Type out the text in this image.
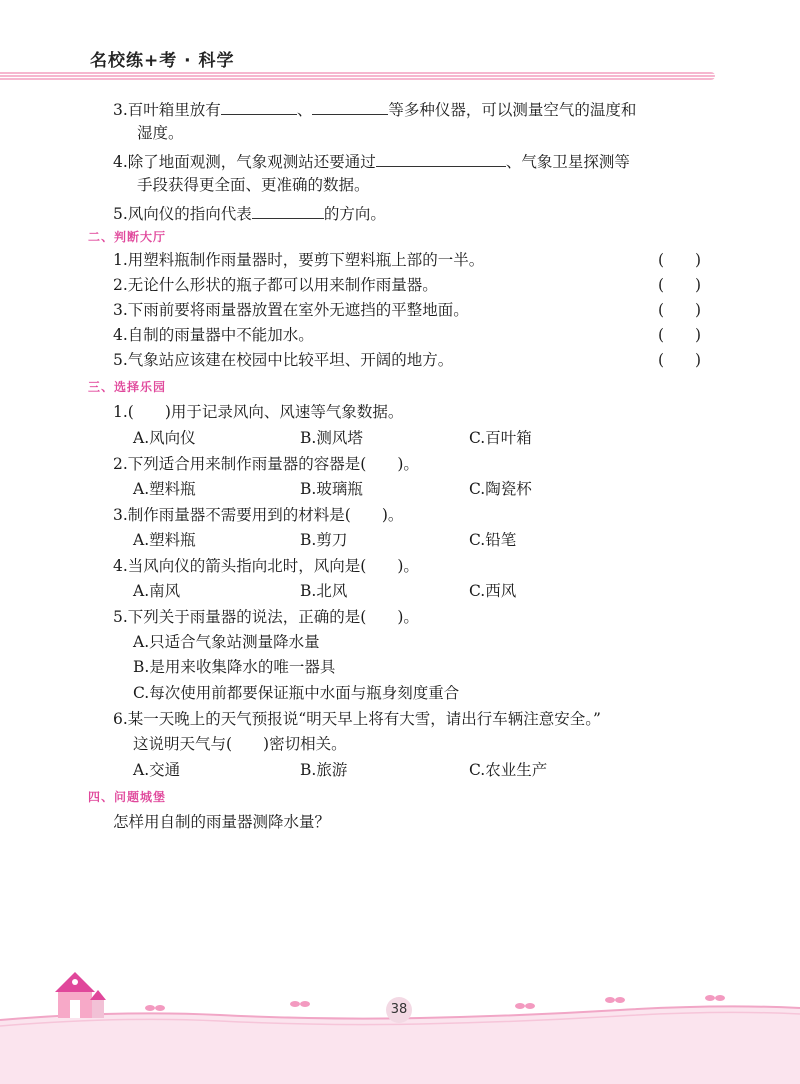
名校练+考 · 科学
3.百叶箱里放有	、	等多种仪器，可以测量空气的温度和
湿度。
4.除了地面观测，气象观测站还要通过	、气象卫星探测等
手段获得更全面、更准确的数据。
5.风向仪的指向代表	的方向。
二、判断大厅
1.用塑料瓶制作雨量器时，要剪下塑料瓶上部的一半。	(　　)
2.无论什么形状的瓶子都可以用来制作雨量器。	(　　)
3.下雨前要将雨量器放置在室外无遮挡的平整地面。	(　　)
4.自制的雨量器中不能加水。	(　　)
5.气象站应该建在校园中比较平坦、开阔的地方。	(　　)
三、选择乐园
1.(　　)用于记录风向、风速等气象数据。
A.风向仪	B.测风塔	C.百叶箱
2.下列适合用来制作雨量器的容器是(　　)。
A.塑料瓶	B.玻璃瓶	C.陶瓷杯
3.制作雨量器不需要用到的材料是(　　)。
A.塑料瓶	B.剪刀	C.铅笔
4.当风向仪的箭头指向北时，风向是(　　)。
A.南风	B.北风	C.西风
5.下列关于雨量器的说法，正确的是(　　)。
A.只适合气象站测量降水量
B.是用来收集降水的唯一器具
C.每次使用前都要保证瓶中水面与瓶身刻度重合
6.某一天晚上的天气预报说“明天早上将有大雪，请出行车辆注意安全。”
这说明天气与(　　)密切相关。
A.交通	B.旅游	C.农业生产
四、问题城堡
怎样用自制的雨量器测降水量？
38
